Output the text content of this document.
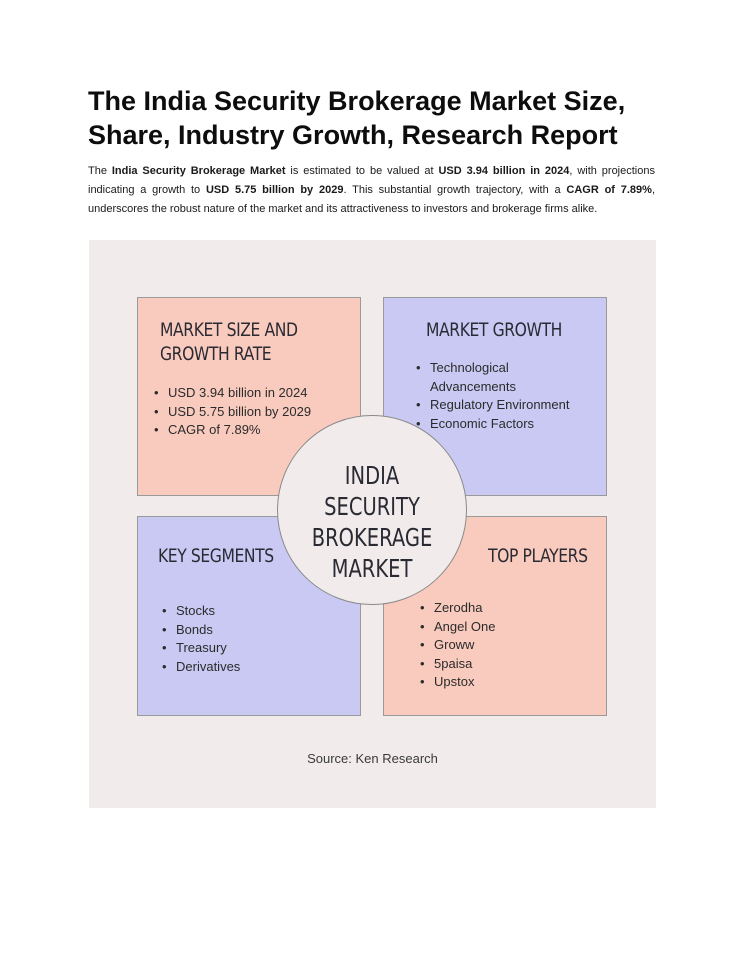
The India Security Brokerage Market Size, Share, Industry Growth, Research Report

The India Security Brokerage Market is estimated to be valued at USD 3.94 billion in 2024, with projections indicating a growth to USD 5.75 billion by 2029. This substantial growth trajectory, with a CAGR of 7.89%, underscores the robust nature of the market and its attractiveness to investors and brokerage firms alike.

MARKET SIZE AND
GROWTH RATE
• USD 3.94 billion in 2024
• USD 5.75 billion by 2029
• CAGR of 7.89%
MARKET GROWTH
• Technological Advancements
• Regulatory Environment
• Economic Factors
KEY SEGMENTS
• Stocks
• Bonds
• Treasury
• Derivatives
TOP PLAYERS
• Zerodha
• Angel One
• Groww
• 5paisa
• Upstox
INDIA SECURITY
BROKERAGE
MARKET
Source: Ken Research
